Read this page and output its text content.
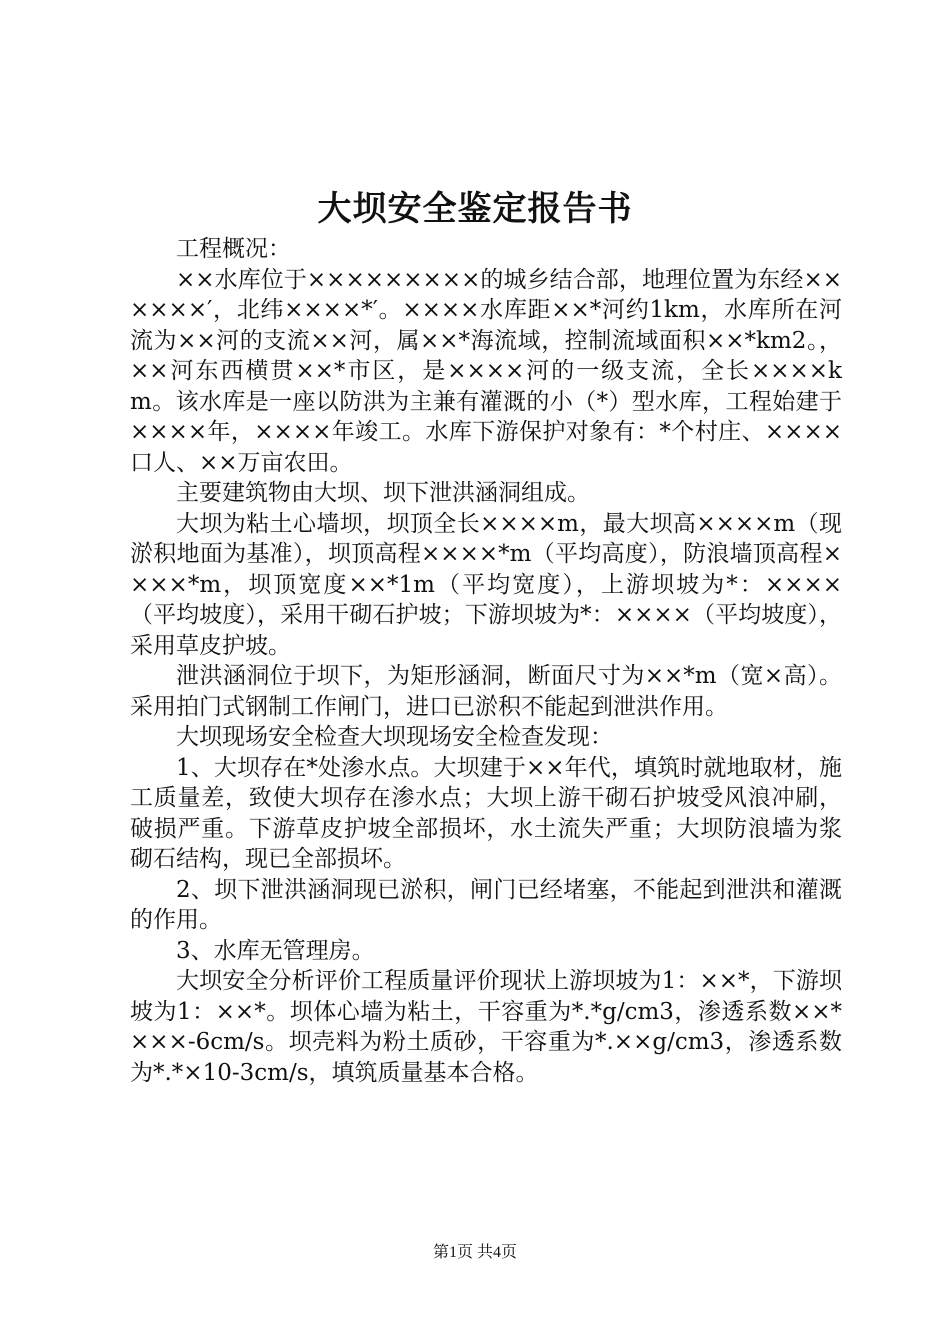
大坝安全鉴定报告书

工程概况：

××水库位于×××××××××的城乡结合部，地理位置为东经××××××′，北纬××××*′。××××水库距××*河约1km，水库所在河流为××河的支流××河，属××*海流域，控制流域面积××*km2。，××河东西横贯××*市区，是××××河的一级支流，全长××××km。该水库是一座以防洪为主兼有灌溉的小（*）型水库，工程始建于××××年，××××年竣工。水库下游保护对象有：*个村庄、××××口人、××万亩农田。

主要建筑物由大坝、坝下泄洪涵洞组成。

大坝为粘土心墙坝，坝顶全长××××m，最大坝高××××m（现淤积地面为基准），坝顶高程××××*m（平均高度），防浪墙顶高程××××*m，坝顶宽度××*1m（平均宽度），上游坝坡为*：××××（平均坡度），采用干砌石护坡；下游坝坡为*：××××（平均坡度），采用草皮护坡。

泄洪涵洞位于坝下，为矩形涵洞，断面尺寸为××*m（宽×高）。采用拍门式钢制工作闸门，进口已淤积不能起到泄洪作用。

大坝现场安全检查大坝现场安全检查发现：

1、大坝存在*处渗水点。大坝建于××年代，填筑时就地取材，施工质量差，致使大坝存在渗水点；大坝上游干砌石护坡受风浪冲刷，破损严重。下游草皮护坡全部损坏，水土流失严重；大坝防浪墙为浆砌石结构，现已全部损坏。

2、坝下泄洪涵洞现已淤积，闸门已经堵塞，不能起到泄洪和灌溉的作用。

3、水库无管理房。

大坝安全分析评价工程质量评价现状上游坝坡为1：××*，下游坝坡为1：××*。坝体心墙为粘土，干容重为*.*g/cm3，渗透系数××*×××-6cm/s。坝壳料为粉土质砂，干容重为*.××g/cm3，渗透系数为*.*×10-3cm/s，填筑质量基本合格。

第1页 共4页
